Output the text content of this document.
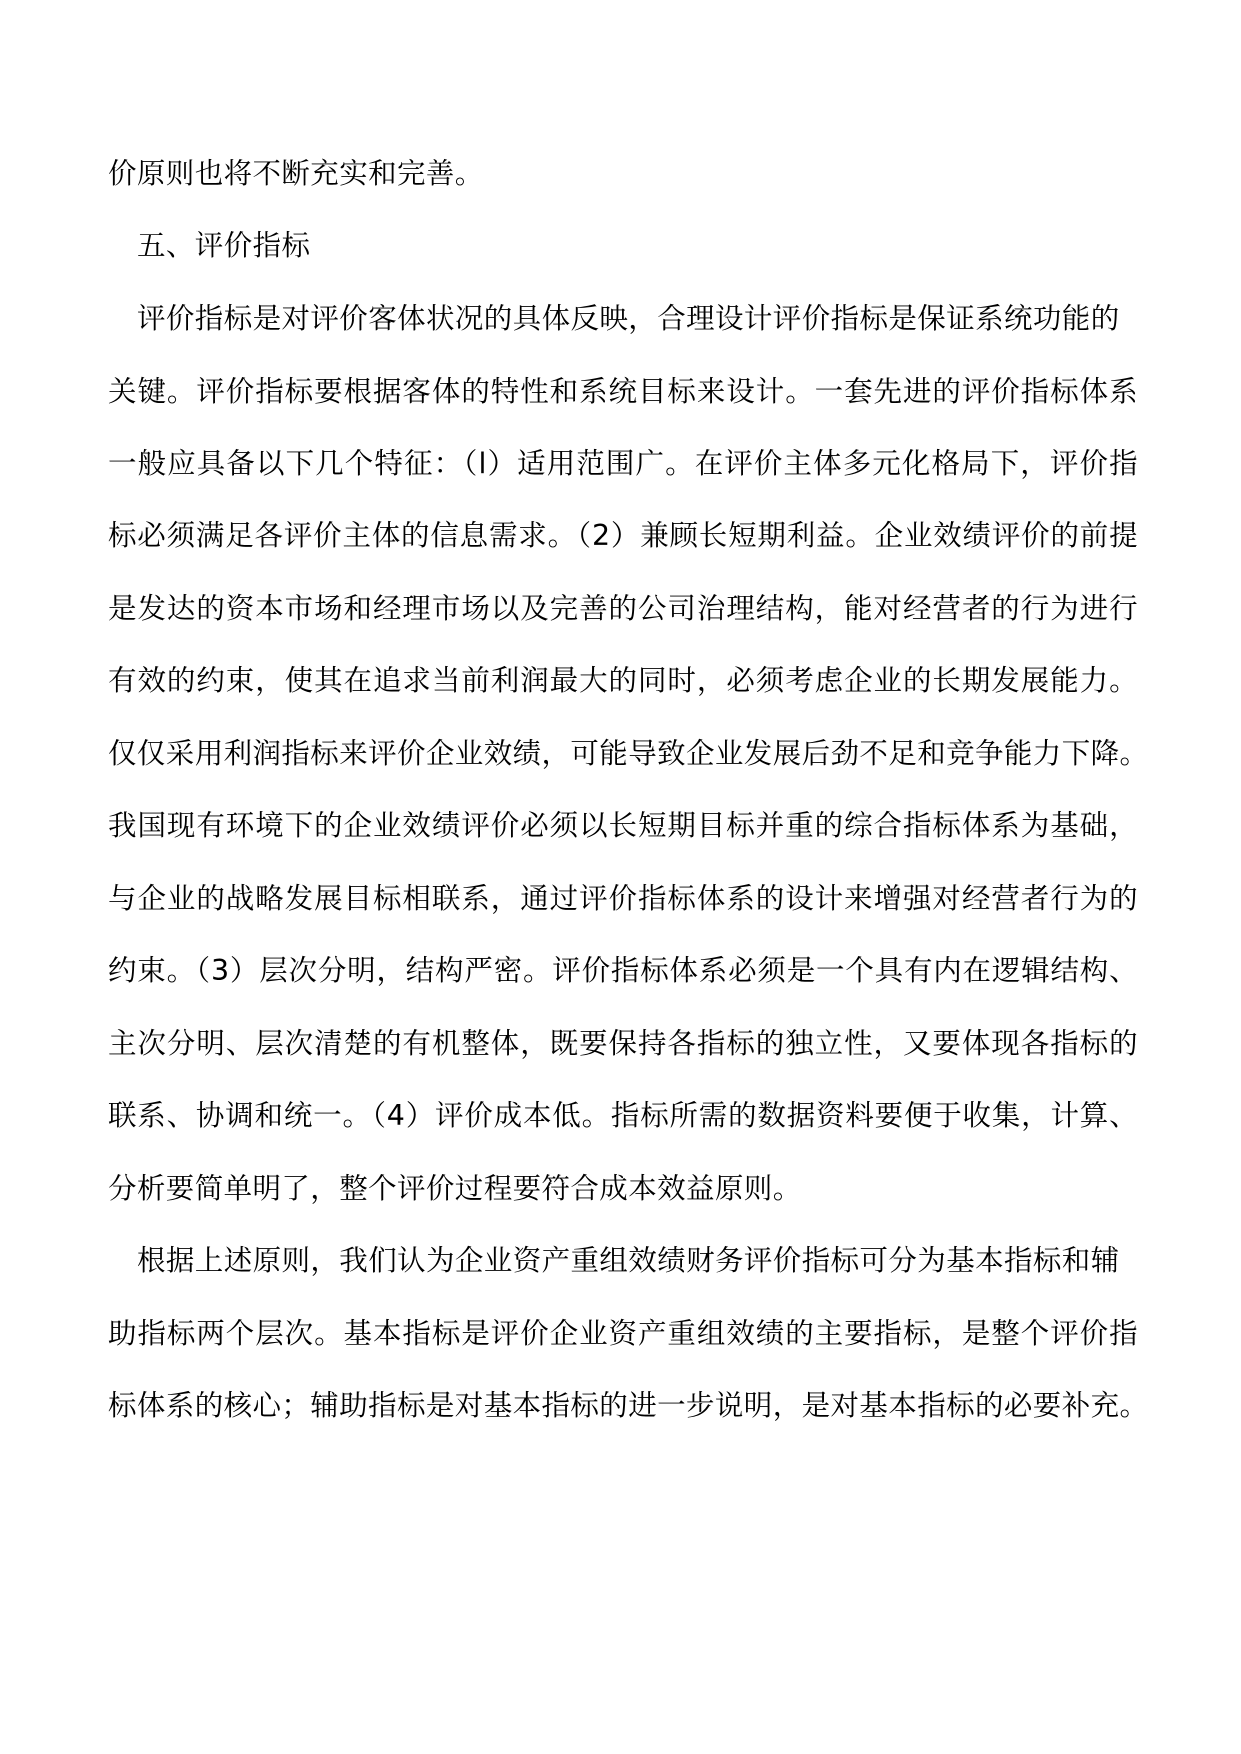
价原则也将不断充实和完善。

五、评价指标

评价指标是对评价客体状况的具体反映，合理设计评价指标是保证系统功能的

关键。评价指标要根据客体的特性和系统目标来设计。一套先进的评价指标体系

一般应具备以下几个特征：（l）适用范围广。在评价主体多元化格局下，评价指

标必须满足各评价主体的信息需求。（2）兼顾长短期利益。企业效绩评价的前提

是发达的资本市场和经理市场以及完善的公司治理结构，能对经营者的行为进行

有效的约束，使其在追求当前利润最大的同时，必须考虑企业的长期发展能力。

仅仅采用利润指标来评价企业效绩，可能导致企业发展后劲不足和竞争能力下降。

我国现有环境下的企业效绩评价必须以长短期目标并重的综合指标体系为基础，

与企业的战略发展目标相联系，通过评价指标体系的设计来增强对经营者行为的

约束。（3）层次分明，结构严密。评价指标体系必须是一个具有内在逻辑结构、

主次分明、层次清楚的有机整体，既要保持各指标的独立性，又要体现各指标的

联系、协调和统一。（4）评价成本低。指标所需的数据资料要便于收集，计算、

分析要简单明了，整个评价过程要符合成本效益原则。

根据上述原则，我们认为企业资产重组效绩财务评价指标可分为基本指标和辅

助指标两个层次。基本指标是评价企业资产重组效绩的主要指标，是整个评价指

标体系的核心；辅助指标是对基本指标的进一步说明，是对基本指标的必要补充。
